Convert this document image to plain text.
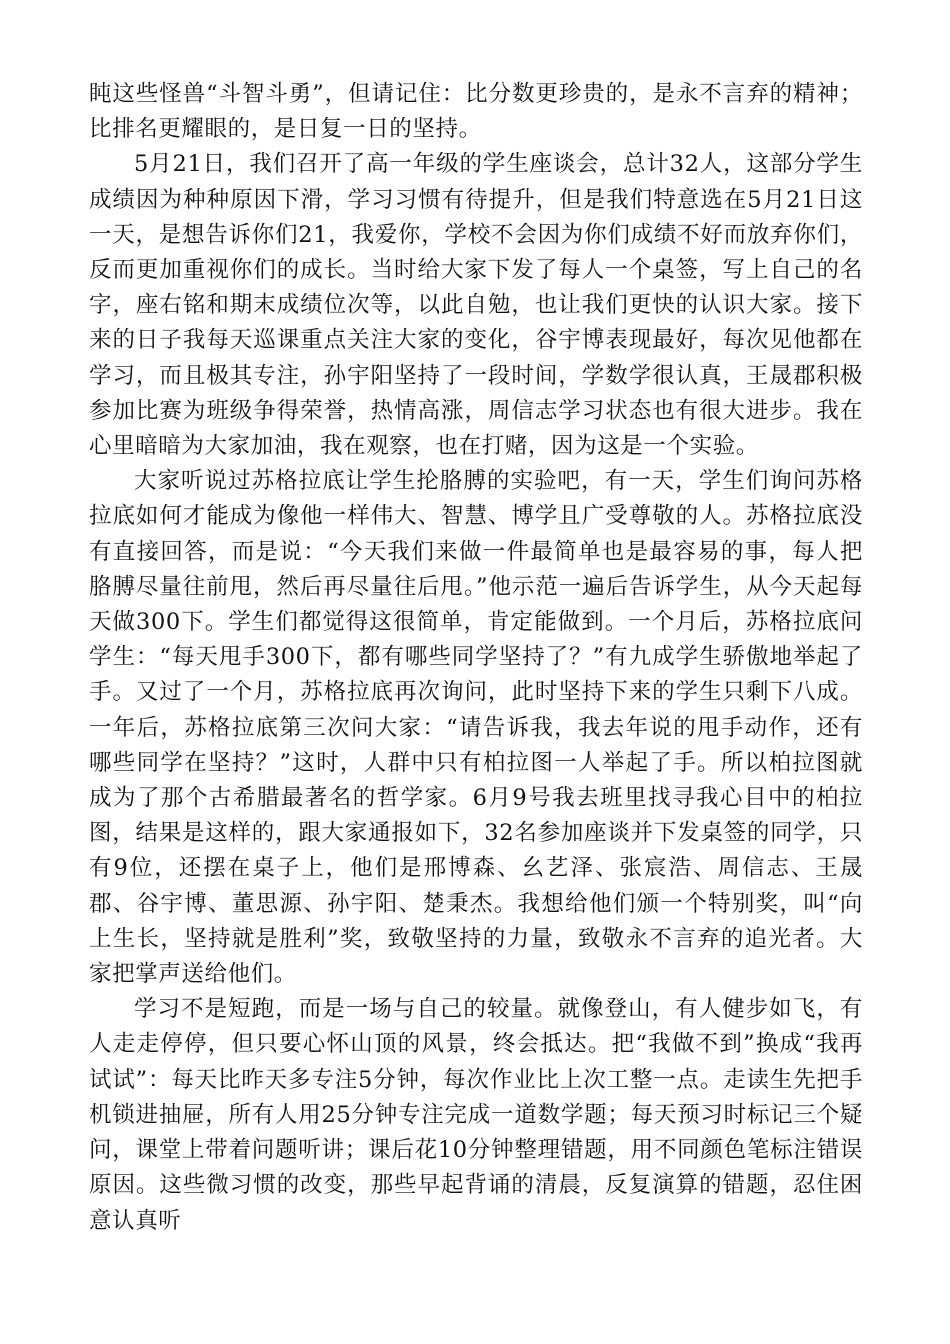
盹这些怪兽“斗智斗勇”，但请记住：比分数更珍贵的，是永不言弃的精神；比排名更耀眼的，是日复一日的坚持。

5月21日，我们召开了高一年级的学生座谈会，总计32人，这部分学生成绩因为种种原因下滑，学习习惯有待提升，但是我们特意选在5月21日这一天，是想告诉你们21，我爱你，学校不会因为你们成绩不好而放弃你们，反而更加重视你们的成长。当时给大家下发了每人一个桌签，写上自己的名字，座右铭和期末成绩位次等，以此自勉，也让我们更快的认识大家。接下来的日子我每天巡课重点关注大家的变化，谷宇博表现最好，每次见他都在学习，而且极其专注，孙宇阳坚持了一段时间，学数学很认真，王晟郡积极参加比赛为班级争得荣誉，热情高涨，周信志学习状态也有很大进步。我在心里暗暗为大家加油，我在观察，也在打赌，因为这是一个实验。

大家听说过苏格拉底让学生抡胳膊的实验吧，有一天，学生们询问苏格拉底如何才能成为像他一样伟大、智慧、博学且广受尊敬的人。苏格拉底没有直接回答，而是说：“今天我们来做一件最简单也是最容易的事，每人把胳膊尽量往前甩，然后再尽量往后甩。”他示范一遍后告诉学生，从今天起每天做300下。学生们都觉得这很简单，肯定能做到。一个月后，苏格拉底问学生：“每天甩手300下，都有哪些同学坚持了？”有九成学生骄傲地举起了手。又过了一个月，苏格拉底再次询问，此时坚持下来的学生只剩下八成。一年后，苏格拉底第三次问大家：“请告诉我，我去年说的甩手动作，还有哪些同学在坚持？”这时，人群中只有柏拉图一人举起了手。所以柏拉图就成为了那个古希腊最著名的哲学家。6月9号我去班里找寻我心目中的柏拉图，结果是这样的，跟大家通报如下，32名参加座谈并下发桌签的同学，只有9位，还摆在桌子上，他们是邢博森、幺艺泽、张宸浩、周信志、王晟郡、谷宇博、董思源、孙宇阳、楚秉杰。我想给他们颁一个特别奖，叫“向上生长，坚持就是胜利”奖，致敬坚持的力量，致敬永不言弃的追光者。大家把掌声送给他们。

学习不是短跑，而是一场与自己的较量。就像登山，有人健步如飞，有人走走停停，但只要心怀山顶的风景，终会抵达。把“我做不到”换成“我再试试”：每天比昨天多专注5分钟，每次作业比上次工整一点。走读生先把手机锁进抽屉，所有人用25分钟专注完成一道数学题；每天预习时标记三个疑问，课堂上带着问题听讲；课后花10分钟整理错题，用不同颜色笔标注错误原因。这些微习惯的改变，那些早起背诵的清晨，反复演算的错题，忍住困意认真听
